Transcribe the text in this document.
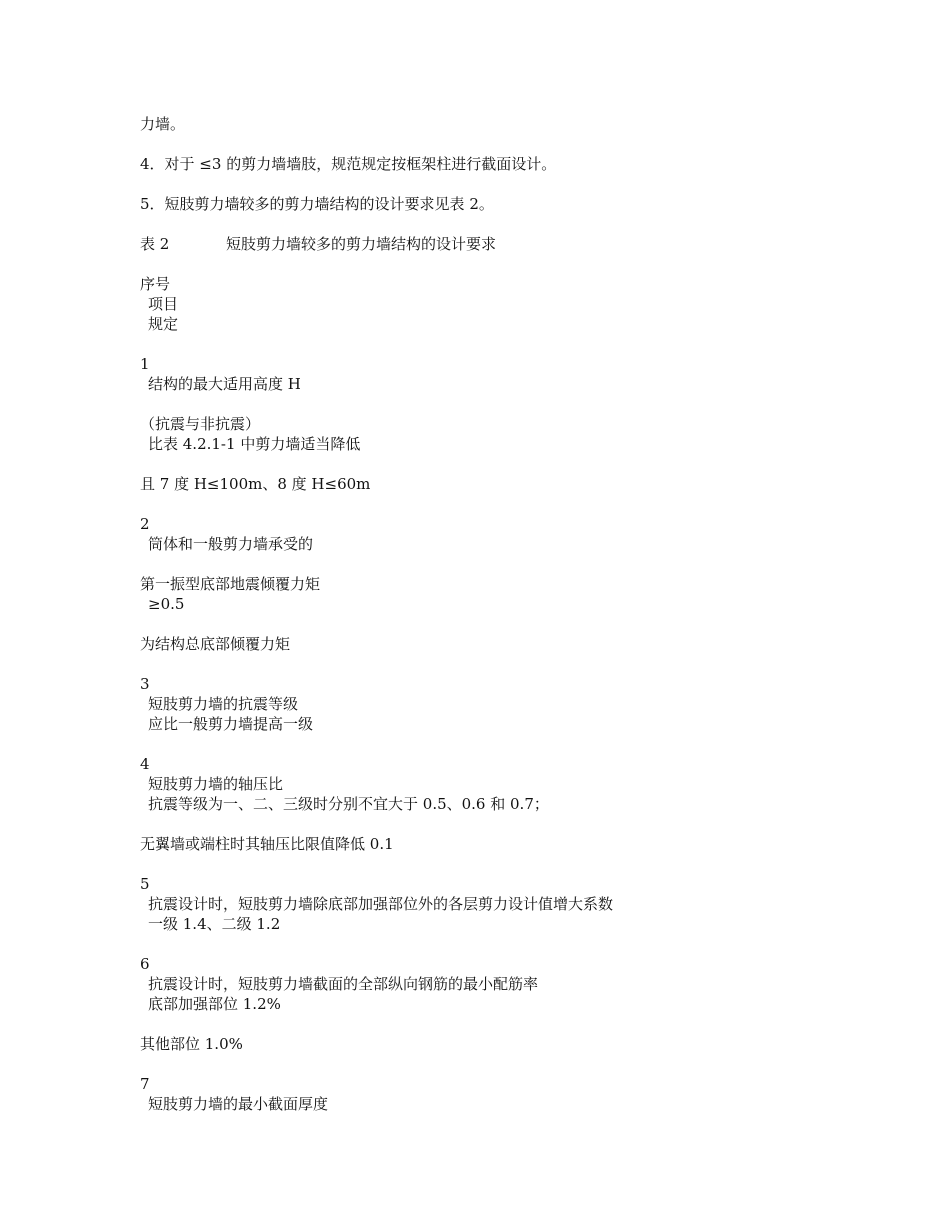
力墙。
4．对于 ≤3 的剪力墙墙肢，规范规定按框架柱进行截面设计。
5．短肢剪力墙较多的剪力墙结构的设计要求见表 2。
表 2	短肢剪力墙较多的剪力墙结构的设计要求
序号
项目
规定
1
结构的最大适用高度 H
（抗震与非抗震）
比表 4.2.1-1 中剪力墙适当降低
且 7 度 H≤100m、8 度 H≤60m
2
筒体和一般剪力墙承受的
第一振型底部地震倾覆力矩
≥0.5
为结构总底部倾覆力矩
3
短肢剪力墙的抗震等级
应比一般剪力墙提高一级
4
短肢剪力墙的轴压比
抗震等级为一、二、三级时分别不宜大于 0.5、0.6 和 0.7；
无翼墙或端柱时其轴压比限值降低 0.1
5
抗震设计时，短肢剪力墙除底部加强部位外的各层剪力设计值增大系数
一级 1.4、二级 1.2
6
抗震设计时，短肢剪力墙截面的全部纵向钢筋的最小配筋率
底部加强部位 1.2%
其他部位 1.0%
7
短肢剪力墙的最小截面厚度
